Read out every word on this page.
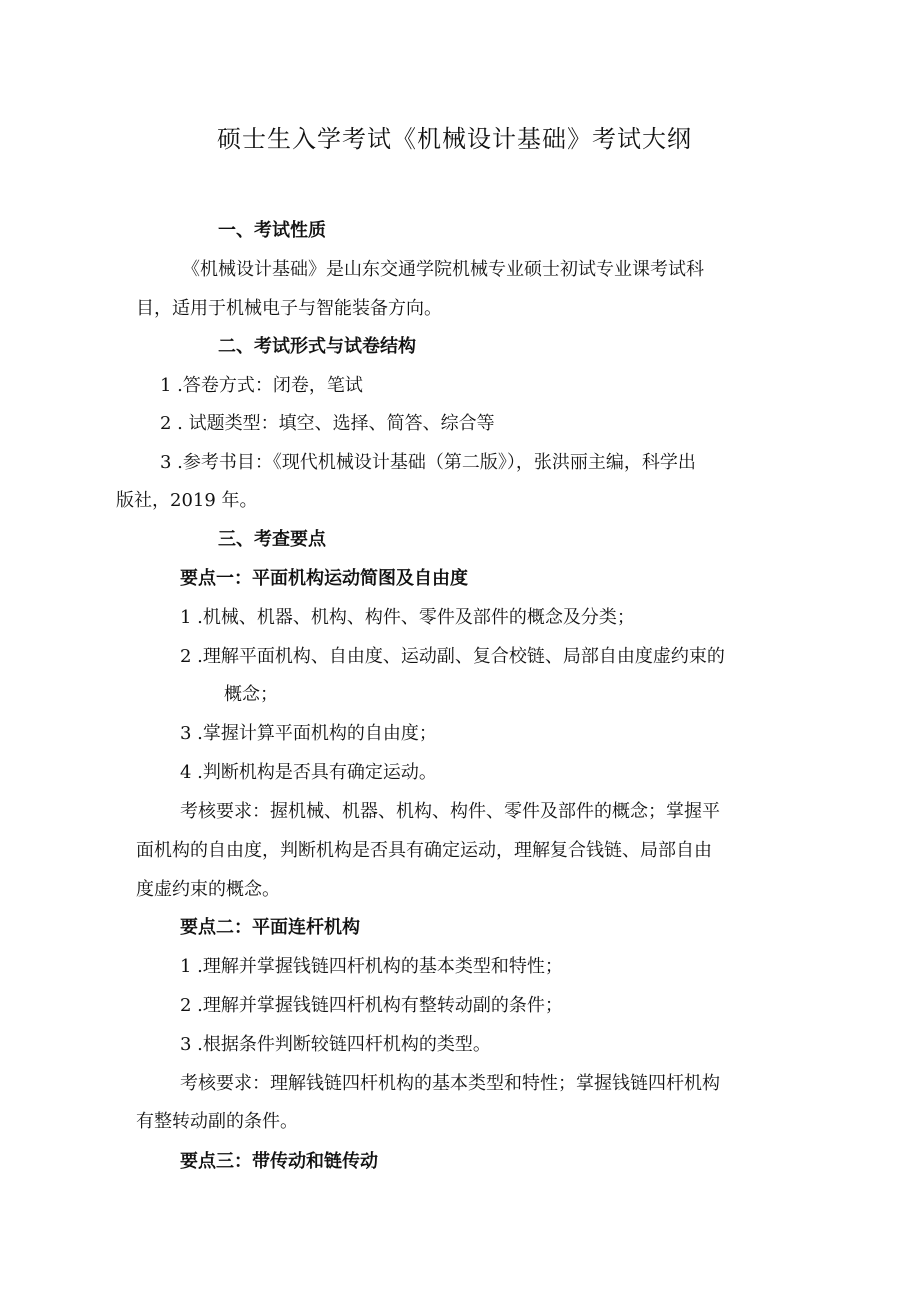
硕士生入学考试《机械设计基础》考试大纲
一、考试性质
《机械设计基础》是山东交通学院机械专业硕士初试专业课考试科
目，适用于机械电子与智能装备方向。
二、考试形式与试卷结构
1 .答卷方式：闭卷，笔试
2 . 试题类型：填空、选择、简答、综合等
3 .参考书目：《现代机械设计基础（第二版》），张洪丽主编，科学出
版社，2019 年。
三、考查要点
要点一：平面机构运动简图及自由度
1 .机械、机器、机构、构件、零件及部件的概念及分类；
2 .理解平面机构、自由度、运动副、复合校链、局部自由度虚约束的
概念；
3 .掌握计算平面机构的自由度；
4 .判断机构是否具有确定运动。
考核要求：握机械、机器、机构、构件、零件及部件的概念；掌握平
面机构的自由度，判断机构是否具有确定运动，理解复合钱链、局部自由
度虚约束的概念。
要点二：平面连杆机构
1 .理解并掌握钱链四杆机构的基本类型和特性；
2 .理解并掌握钱链四杆机构有整转动副的条件；
3 .根据条件判断较链四杆机构的类型。
考核要求：理解钱链四杆机构的基本类型和特性；掌握钱链四杆机构
有整转动副的条件。
要点三：带传动和链传动
